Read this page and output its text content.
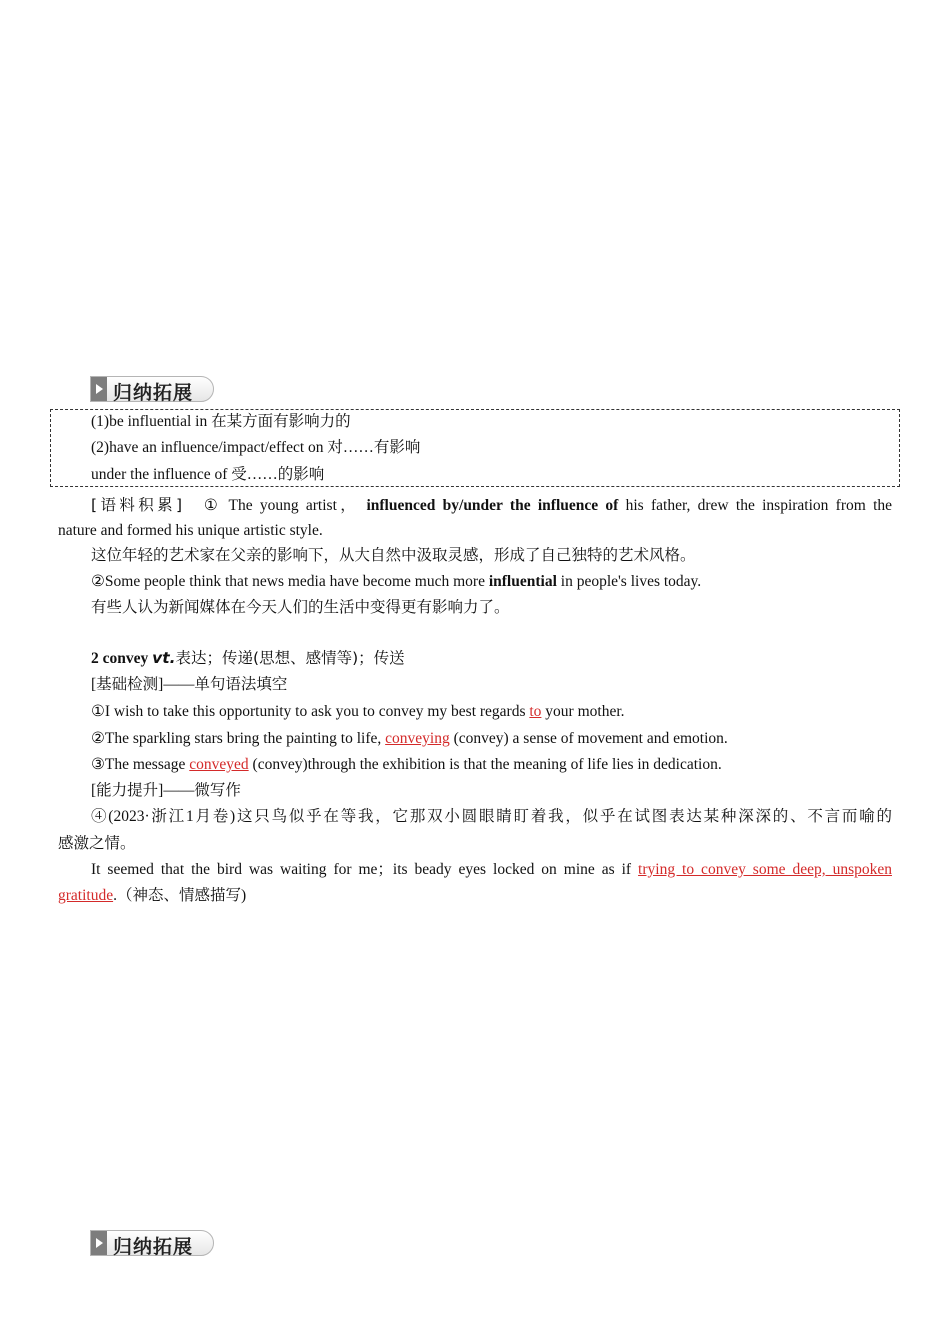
归纳拓展
(1)be influential in 在某方面有影响力的
(2)have an influence/impact/effect on 对……有影响
under the influence of 受……的影响
[语料积累] ① The young artist， influenced by/under the influence of his father, drew the inspiration from the
nature and formed his unique artistic style.
这位年轻的艺术家在父亲的影响下，从大自然中汲取灵感，形成了自己独特的艺术风格。
②Some people think that news media have become much more influential in people's lives today.
有些人认为新闻媒体在今天人们的生活中变得更有影响力了。
2 convey vt.表达；传递(思想、感情等)；传送
[基础检测]——单句语法填空
①I wish to take this opportunity to ask you to convey my best regards to your mother.
②The sparkling stars bring the painting to life, conveying (convey) a sense of movement and emotion.
③The message conveyed (convey)through the exhibition is that the meaning of life lies in dedication.
[能力提升]——微写作
④(2023·浙江1月卷)这只鸟似乎在等我，它那双小圆眼睛盯着我，似乎在试图表达某种深深的、不言而喻的
感激之情。
It seemed that the bird was waiting for me；its beady eyes locked on mine as if trying to convey some deep, unspoken
gratitude.（神态、情感描写)
归纳拓展
